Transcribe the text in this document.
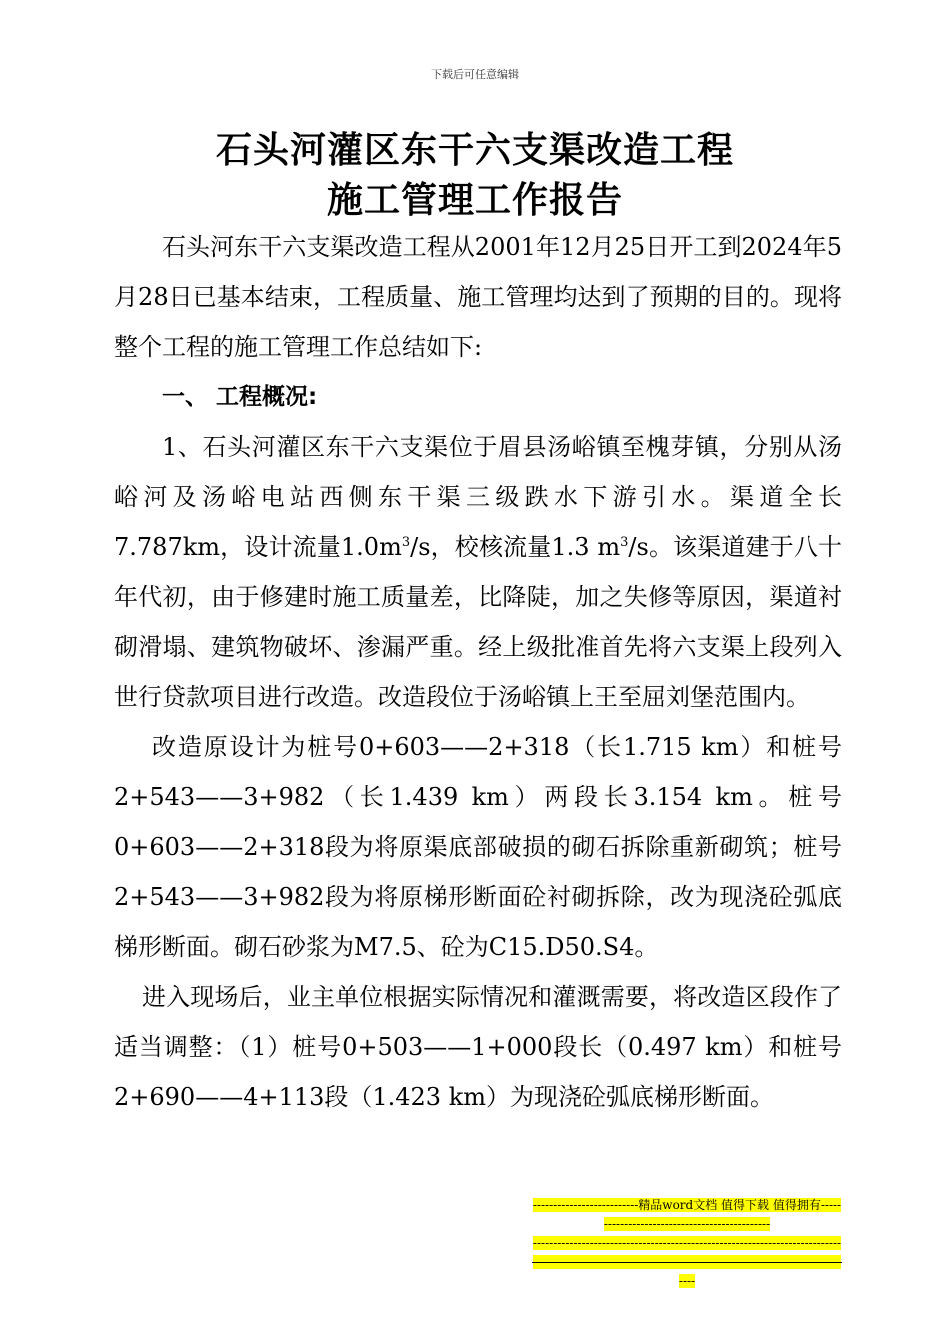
下载后可任意编辑
石头河灌区东干六支渠改造工程
施工管理工作报告

石头河东干六支渠改造工程从2001年12月25日开工到2024年5月28日已基本结束，工程质量、施工管理均达到了预期的目的。现将整个工程的施工管理工作总结如下:

一、 工程概况:

1、石头河灌区东干六支渠位于眉县汤峪镇至槐芽镇，分别从汤峪河及汤峪电站西侧东干渠三级跌水下游引水。渠道全长7.787km，设计流量$1.0m^3/s$，校核流量1.3 $m^3/s$。该渠道建于八十年代初，由于修建时施工质量差，比降陡，加之失修等原因，渠道衬砌滑塌、建筑物破坏、渗漏严重。经上级批准首先将六支渠上段列入世行贷款项目进行改造。改造段位于汤峪镇上王至屈刘堡范围内。

改造原设计为桩号0+603——2+318（长1.715 km）和桩号2+543——3+982（长1.439 km）两段长3.154 km。桩号0+603——2+318段为将原渠底部破损的砌石拆除重新砌筑；桩号2+543——3+982段为将原梯形断面砼衬砌拆除，改为现浇砼弧底梯形断面。砌石砂浆为M7.5、砼为C15.D50.S4。

进入现场后，业主单位根据实际情况和灌溉需要，将改造区段作了适当调整：（1）桩号0+503——1+000段长（0.497 km）和桩号2+690——4+113段（1.423 km）为现浇砼弧底梯形断面。

--------------------------精品word文档 值得下载 值得拥有----------------------------------------------
------------------------------------------------------------------------------------------------------------------------------------------------------------
